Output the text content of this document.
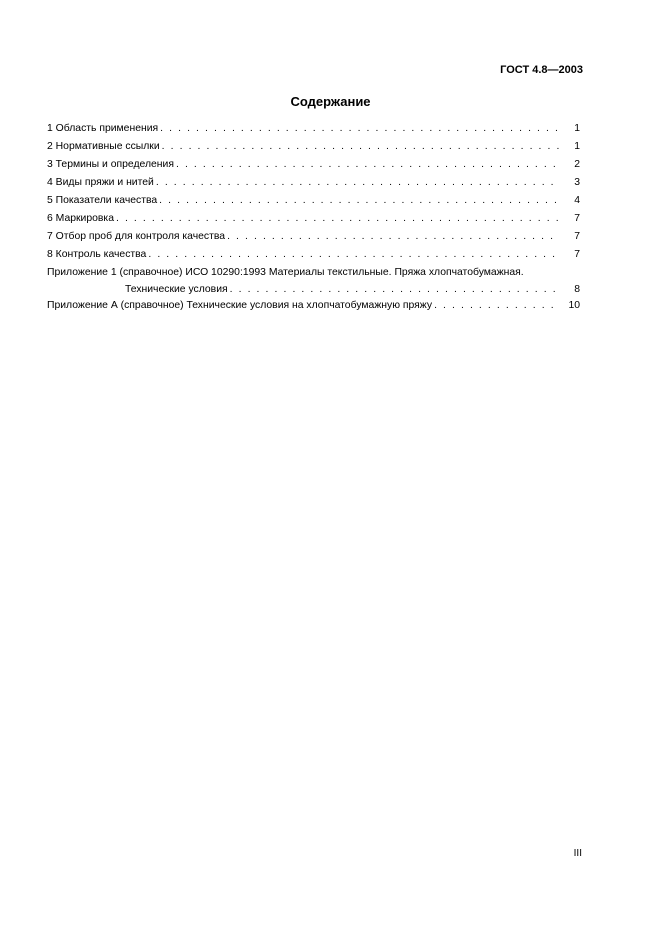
ГОСТ 4.8—2003
Содержание
1 Область применения . . .	1
2 Нормативные ссылки . . .	1
3 Термины и определения . . .	2
4 Виды пряжи и нитей . . .	3
5 Показатели качества . . .	4
6 Маркировка . . .	7
7 Отбор проб для контроля качества . . .	7
8 Контроль качества . . .	7
Приложение 1 (справочное) ИСО 10290:1993 Материалы текстильные. Пряжа хлопчатобумажная.
Технические условия . . .	8
Приложение А (справочное) Технические условия на хлопчатобумажную пряжу . . .	10
III
